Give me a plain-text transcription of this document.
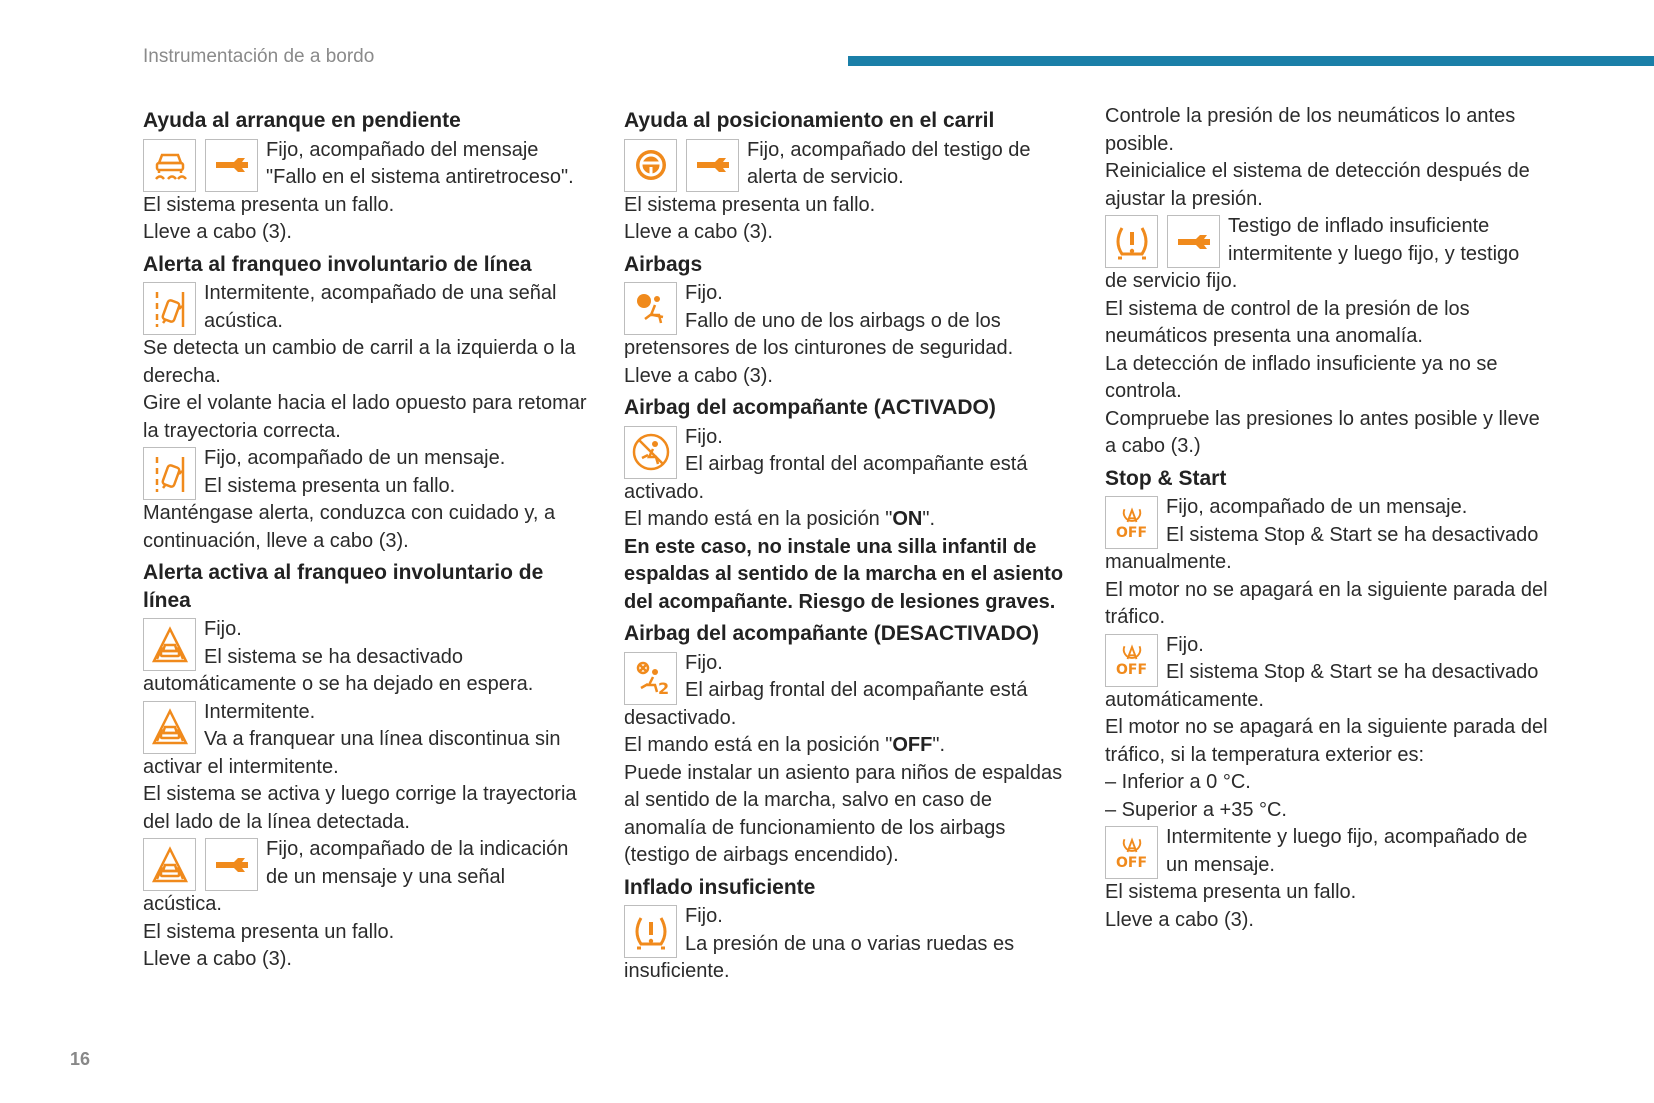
Instrumentación de a bordo
16
Ayuda al arranque en pendiente

Fijo, acompañado del mensaje

"Fallo en el sistema antiretroceso".

El sistema presenta un fallo.

Lleve a cabo (3).

Alerta al franqueo involuntario de línea

Intermitente, acompañado de una señal

acústica.

Se detecta un cambio de carril a la izquierda o la derecha.

Gire el volante hacia el lado opuesto para retomar la trayectoria correcta.

Fijo, acompañado de un mensaje.

El sistema presenta un fallo.

Manténgase alerta, conduzca con cuidado y, a continuación, lleve a cabo (3).

Alerta activa al franqueo involuntario de línea

Fijo.

El sistema se ha desactivado

automáticamente o se ha dejado en espera.

Intermitente.

Va a franquear una línea discontinua sin

activar el intermitente.

El sistema se activa y luego corrige la trayectoria del lado de la línea detectada.

Fijo, acompañado de la indicación

de un mensaje y una señal

acústica.

El sistema presenta un fallo.

Lleve a cabo (3).

Ayuda al posicionamiento en el carril

Fijo, acompañado del testigo de

alerta de servicio.

El sistema presenta un fallo.

Lleve a cabo (3).

Airbags

Fijo.

Fallo de uno de los airbags o de los

pretensores de los cinturones de seguridad.

Lleve a cabo (3).

Airbag del acompañante (ACTIVADO)

Fijo.

El airbag frontal del acompañante está

activado.

El mando está en la posición "ON".

En este caso, no instale una silla infantil de espaldas al sentido de la marcha en el asiento del acompañante. Riesgo de lesiones graves.

Airbag del acompañante (DESACTIVADO)

Fijo.

El airbag frontal del acompañante está

desactivado.

El mando está en la posición "OFF".

Puede instalar un asiento para niños de espaldas al sentido de la marcha, salvo en caso de anomalía de funcionamiento de los airbags (testigo de airbags encendido).

Inflado insuficiente

Fijo.

La presión de una o varias ruedas es

insuficiente.

Controle la presión de los neumáticos lo antes posible.

Reinicialice el sistema de detección después de ajustar la presión.

Testigo de inflado insuficiente

intermitente y luego fijo, y testigo

de servicio fijo.

El sistema de control de la presión de los neumáticos presenta una anomalía.

La detección de inflado insuficiente ya no se controla.

Compruebe las presiones lo antes posible y lleve a cabo (3.)

Stop & Start
OFF

Fijo, acompañado de un mensaje.

El sistema Stop & Start se ha desactivado

manualmente.

El motor no se apagará en la siguiente parada del tráfico.

OFF

Fijo.

El sistema Stop & Start se ha desactivado

automáticamente.

El motor no se apagará en la siguiente parada del tráfico, si la temperatura exterior es:

– Inferior a 0 °C.

– Superior a +35 °C.

OFF

Intermitente y luego fijo, acompañado de

un mensaje.

El sistema presenta un fallo.

Lleve a cabo (3).
